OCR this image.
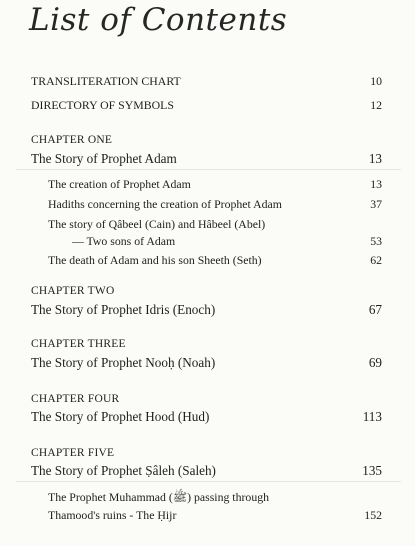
List of Contents
TRANSLITERATION CHART	10
DIRECTORY OF SYMBOLS	12
CHAPTER ONE
The Story of Prophet Adam	13
The creation of Prophet Adam	13
Hadiths concerning the creation of Prophet Adam	37
The story of Qâbeel (Cain) and Hâbeel (Abel)
— Two sons of Adam	53
The death of Adam and his son Sheeth (Seth)	62
CHAPTER TWO
The Story of Prophet Idris (Enoch)	67
CHAPTER THREE
The Story of Prophet Nooḥ (Noah)	69
CHAPTER FOUR
The Story of Prophet Hood (Hud)	113
CHAPTER FIVE
The Story of Prophet Ṣâleh (Saleh)	135
The Prophet Muhammad (ﷺ) passing through
Thamood's ruins - The Ḥijr	152
